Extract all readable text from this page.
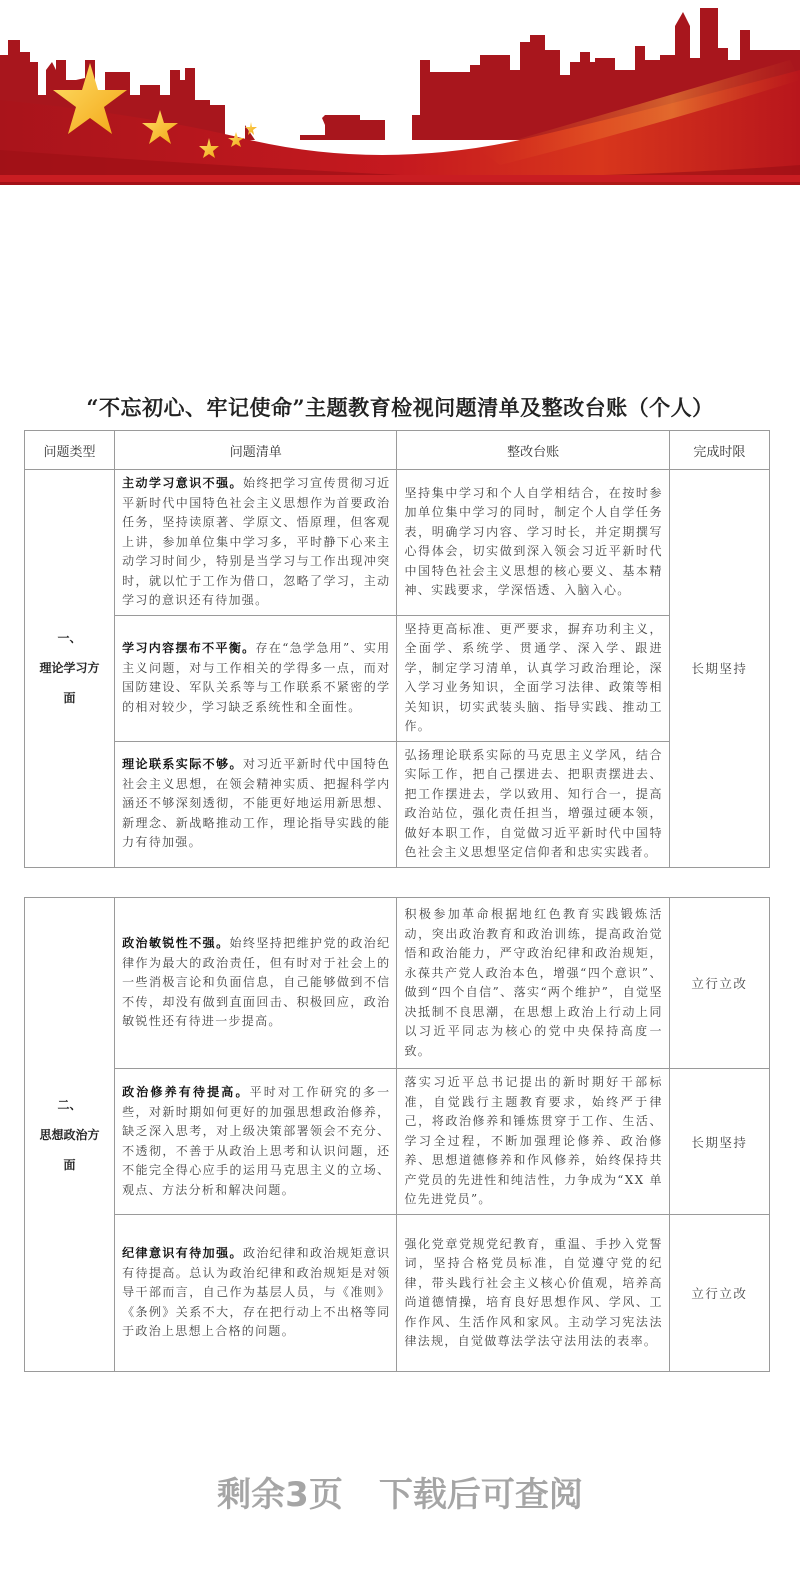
“不忘初心、牢记使命”主题教育检视问题清单及整改台账（个人）
问题类型	问题清单	整改台账	完成时限

一、
理论学习方
面	主动学习意识不强。始终把学习宣传贯彻习近平新时代中国特色社会主义思想作为首要政治任务，坚持读原著、学原文、悟原理，但客观上讲，参加单位集中学习多，平时静下心来主动学习时间少，特别是当学习与工作出现冲突时，就以忙于工作为借口，忽略了学习，主动学习的意识还有待加强。	坚持集中学习和个人自学相结合，在按时参加单位集中学习的同时，制定个人自学任务表，明确学习内容、学习时长，并定期撰写心得体会，切实做到深入领会习近平新时代中国特色社会主义思想的核心要义、基本精神、实践要求，学深悟透、入脑入心。	长期坚持
	学习内容摆布不平衡。存在“急学急用”、实用主义问题，对与工作相关的学得多一点，而对国防建设、军队关系等与工作联系不紧密的学的相对较少，学习缺乏系统性和全面性。	坚持更高标准、更严要求，摒弃功利主义，全面学、系统学、贯通学、深入学、跟进学，制定学习清单，认真学习政治理论，深入学习业务知识，全面学习法律、政策等相关知识，切实武装头脑、指导实践、推动工作。	
	理论联系实际不够。对习近平新时代中国特色社会主义思想，在领会精神实质、把握科学内涵还不够深刻透彻，不能更好地运用新思想、新理念、新战略推动工作，理论指导实践的能力有待加强。	弘扬理论联系实际的马克思主义学风，结合实际工作，把自己摆进去、把职责摆进去、把工作摆进去，学以致用、知行合一，提高政治站位，强化责任担当，增强过硬本领，做好本职工作，自觉做习近平新时代中国特色社会主义思想坚定信仰者和忠实实践者。	
二、
思想政治方
面	政治敏锐性不强。始终坚持把维护党的政治纪律作为最大的政治责任，但有时对于社会上的一些消极言论和负面信息，自己能够做到不信不传，却没有做到直面回击、积极回应，政治敏锐性还有待进一步提高。	积极参加革命根据地红色教育实践锻炼活动，突出政治教育和政治训练，提高政治觉悟和政治能力，严守政治纪律和政治规矩，永葆共产党人政治本色，增强“四个意识”、做到“四个自信”、落实“两个维护”，自觉坚决抵制不良思潮，在思想上政治上行动上同以习近平同志为核心的党中央保持高度一致。	立行立改
	政治修养有待提高。平时对工作研究的多一些，对新时期如何更好的加强思想政治修养，缺乏深入思考，对上级决策部署领会不充分、不透彻，不善于从政治上思考和认识问题，还不能完全得心应手的运用马克思主义的立场、观点、方法分析和解决问题。	落实习近平总书记提出的新时期好干部标准，自觉践行主题教育要求，始终严于律己，将政治修养和锤炼贯穿于工作、生活、学习全过程，不断加强理论修养、政治修养、思想道德修养和作风修养，始终保持共产党员的先进性和纯洁性，力争成为“XX 单位先进党员”。	长期坚持
	纪律意识有待加强。政治纪律和政治规矩意识有待提高。总认为政治纪律和政治规矩是对领导干部而言，自己作为基层人员，与《准则》《条例》关系不大，存在把行动上不出格等同于政治上思想上合格的问题。	强化党章党规党纪教育，重温、手抄入党誓词，坚持合格党员标准，自觉遵守党的纪律，带头践行社会主义核心价值观，培养高尚道德情操，培育良好思想作风、学风、工作作风、生活作风和家风。主动学习宪法法律法规，自觉做尊法学法守法用法的表率。	立行立改
剩余3页 下载后可查阅
